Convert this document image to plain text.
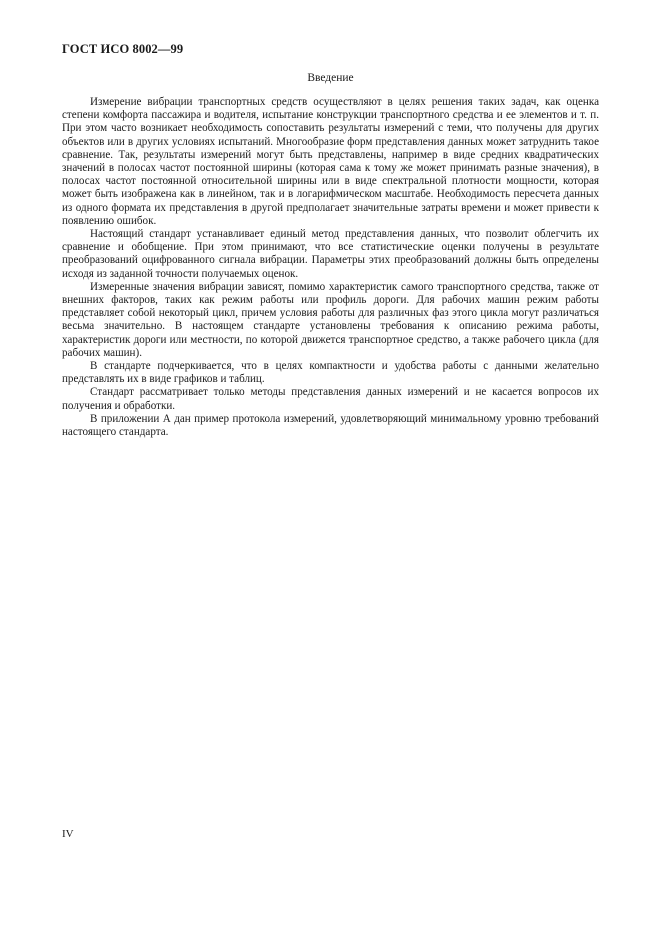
ГОСТ ИСО 8002—99
Введение

Измерение вибрации транспортных средств осуществляют в целях решения таких задач, как оценка степени комфорта пассажира и водителя, испытание конструкции транспортного средства и ее элементов и т. п. При этом часто возникает необходимость сопоставить результаты измерений с теми, что получены для других объектов или в других условиях испытаний. Многообразие форм представления данных может затруднить такое сравнение. Так, результаты измерений могут быть представлены, например в виде средних квадратических значений в полосах частот постоянной ширины (которая сама к тому же может принимать разные значения), в полосах частот постоянной относительной ширины или в виде спектральной плотности мощности, которая может быть изображена как в линейном, так и в логарифмическом масштабе. Необходимость пересчета данных из одного формата их представления в другой предполагает значительные затраты времени и может привести к появлению ошибок.

Настоящий стандарт устанавливает единый метод представления данных, что позволит облегчить их сравнение и обобщение. При этом принимают, что все статистические оценки получены в результате преобразований оцифрованного сигнала вибрации. Параметры этих преобразований должны быть определены исходя из заданной точности получаемых оценок.

Измеренные значения вибрации зависят, помимо характеристик самого транспортного средства, также от внешних факторов, таких как режим работы или профиль дороги. Для рабочих машин режим работы представляет собой некоторый цикл, причем условия работы для различных фаз этого цикла могут различаться весьма значительно. В настоящем стандарте установлены требования к описанию режима работы, характеристик дороги или местности, по которой движется транспортное средство, а также рабочего цикла (для рабочих машин).

В стандарте подчеркивается, что в целях компактности и удобства работы с данными желательно представлять их в виде графиков и таблиц.

Стандарт рассматривает только методы представления данных измерений и не касается вопросов их получения и обработки.

В приложении А дан пример протокола измерений, удовлетворяющий минимальному уровню требований настоящего стандарта.

IV
